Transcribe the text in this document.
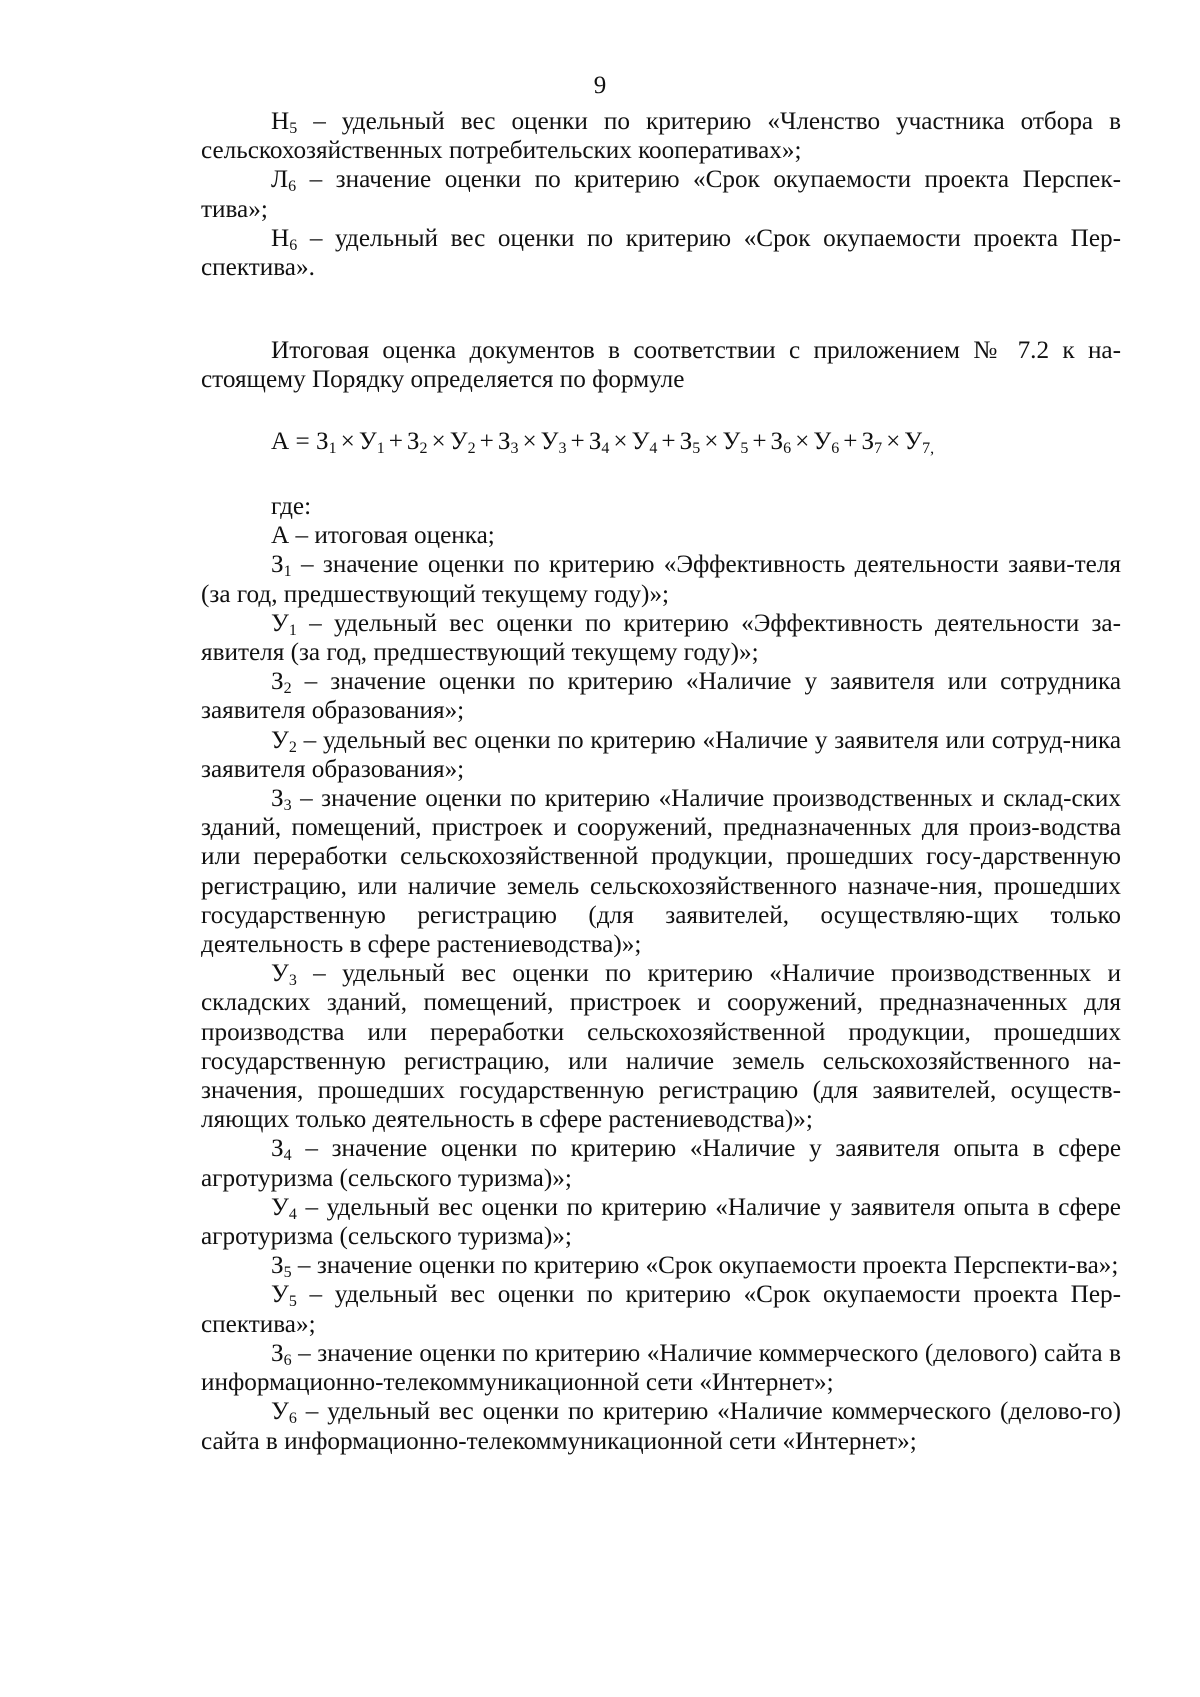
9

$Н_5$ – удельный вес оценки по критерию «Членство участника отбора в сельскохозяйственных потребительских кооперативах»;

$Л_6$ – значение оценки по критерию «Срок окупаемости проекта Перспек-тива»;

$Н_6$ – удельный вес оценки по критерию «Срок окупаемости проекта Пер-спектива».

Итоговая оценка документов в соответствии с приложением № 7.2 к на-стоящему Порядку определяется по формуле

$А = З_1 \times У_1 + З_2 \times У_2 + З_3 \times У_3 + З_4 \times У_4 + З_5 \times У_5 + З_6 \times У_6 + З_7 \times У_{7,}$

где:

А – итоговая оценка;

$З_1$ – значение оценки по критерию «Эффективность деятельности заяви-теля (за год, предшествующий текущему году)»;

$У_1$ – удельный вес оценки по критерию «Эффективность деятельности за-явителя (за год, предшествующий текущему году)»;

$З_2$ – значение оценки по критерию «Наличие у заявителя или сотрудника заявителя образования»;

$У_2$ – удельный вес оценки по критерию «Наличие у заявителя или сотруд-ника заявителя образования»;

$З_3$ – значение оценки по критерию «Наличие производственных и склад-ских зданий, помещений, пристроек и сооружений, предназначенных для произ-водства или переработки сельскохозяйственной продукции, прошедших госу-дарственную регистрацию, или наличие земель сельскохозяйственного назначе-ния, прошедших государственную регистрацию (для заявителей, осуществляю-щих только деятельность в сфере растениеводства)»;

$У_3$ – удельный вес оценки по критерию «Наличие производственных и складских зданий, помещений, пристроек и сооружений, предназначенных для производства или переработки сельскохозяйственной продукции, прошедших государственную регистрацию, или наличие земель сельскохозяйственного на-значения, прошедших государственную регистрацию (для заявителей, осуществ-ляющих только деятельность в сфере растениеводства)»;

$З_4$ – значение оценки по критерию «Наличие у заявителя опыта в сфере агротуризма (сельского туризма)»;

$У_4$ – удельный вес оценки по критерию «Наличие у заявителя опыта в сфере агротуризма (сельского туризма)»;

$З_5$ – значение оценки по критерию «Срок окупаемости проекта Перспекти-ва»;

$У_5$ – удельный вес оценки по критерию «Срок окупаемости проекта Пер-спектива»;

$З_6$ – значение оценки по критерию «Наличие коммерческого (делового) сайта в информационно-телекоммуникационной сети «Интернет»;

$У_6$ – удельный вес оценки по критерию «Наличие коммерческого (делово-го) сайта в информационно-телекоммуникационной сети «Интернет»;
